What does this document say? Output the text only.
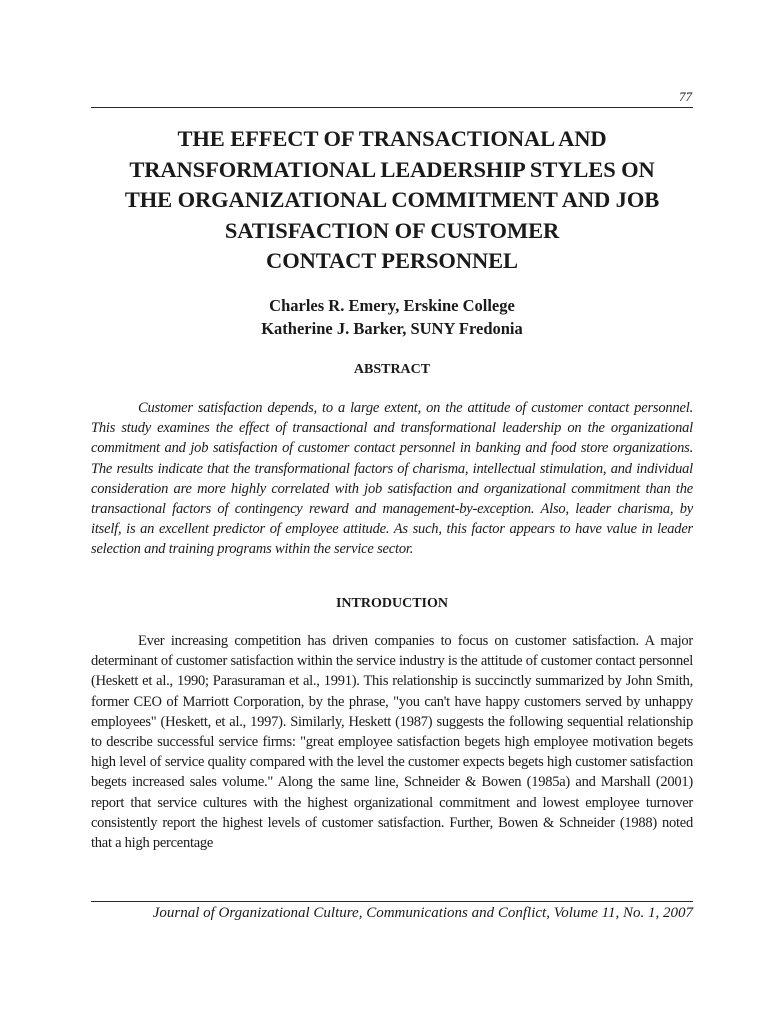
77
THE EFFECT OF TRANSACTIONAL AND
TRANSFORMATIONAL LEADERSHIP STYLES ON
THE ORGANIZATIONAL COMMITMENT AND JOB
SATISFACTION OF CUSTOMER
CONTACT PERSONNEL
Charles R. Emery, Erskine College
Katherine J. Barker, SUNY Fredonia
ABSTRACT

Customer satisfaction depends, to a large extent, on the attitude of customer contact personnel. This study examines the effect of transactional and transformational leadership on the organizational commitment and job satisfaction of customer contact personnel in banking and food store organizations. The results indicate that the transformational factors of charisma, intellectual stimulation, and individual consideration are more highly correlated with job satisfaction and organizational commitment than the transactional factors of contingency reward and management-by-exception. Also, leader charisma, by itself, is an excellent predictor of employee attitude. As such, this factor appears to have value in leader selection and training programs within the service sector.

INTRODUCTION

Ever increasing competition has driven companies to focus on customer satisfaction. A major determinant of customer satisfaction within the service industry is the attitude of customer contact personnel (Heskett et al., 1990; Parasuraman et al., 1991). This relationship is succinctly summarized by John Smith, former CEO of Marriott Corporation, by the phrase, "you can't have happy customers served by unhappy employees" (Heskett, et al., 1997). Similarly, Heskett (1987) suggests the following sequential relationship to describe successful service firms: "great employee satisfaction begets high employee motivation begets high level of service quality compared with the level the customer expects begets high customer satisfaction begets increased sales volume." Along the same line, Schneider & Bowen (1985a) and Marshall (2001) report that service cultures with the highest organizational commitment and lowest employee turnover consistently report the highest levels of customer satisfaction. Further, Bowen & Schneider (1988) noted that a high percentage

Journal of Organizational Culture, Communications and Conflict, Volume 11, No. 1, 2007
